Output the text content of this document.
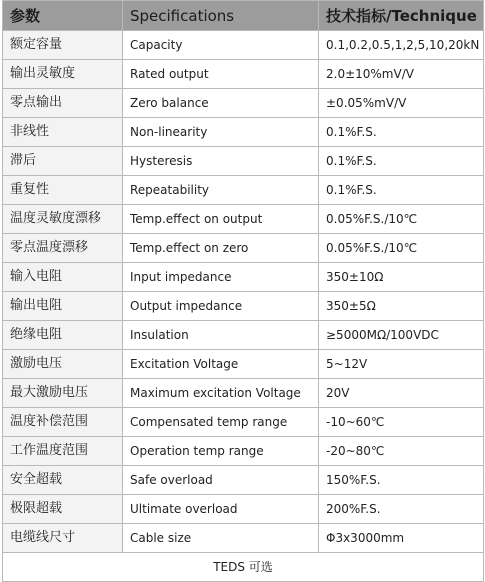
参数	Specifications	技术指标/Technique
额定容量	Capacity	0.1,0.2,0.5,1,2,5,10,20kN
输出灵敏度	Rated output	2.0±10%mV/V
零点输出	Zero balance	±0.05%mV/V
非线性	Non-linearity	0.1%F.S.
滞后	Hysteresis	0.1%F.S.
重复性	Repeatability	0.1%F.S.
温度灵敏度漂移	Temp.effect on output	0.05%F.S./10℃
零点温度漂移	Temp.effect on zero	0.05%F.S./10℃
输入电阻	Input impedance	350±10Ω
输出电阻	Output impedance	350±5Ω
绝缘电阻	Insulation	≥5000MΩ/100VDC
激励电压	Excitation Voltage	5~12V
最大激励电压	Maximum excitation Voltage	20V
温度补偿范围	Compensated temp range	-10~60℃
工作温度范围	Operation temp range	-20~80℃
安全超载	Safe overload	150%F.S.
极限超载	Ultimate overload	200%F.S.
电缆线尺寸	Cable size	Φ3x3000mm
TEDS 可选		
